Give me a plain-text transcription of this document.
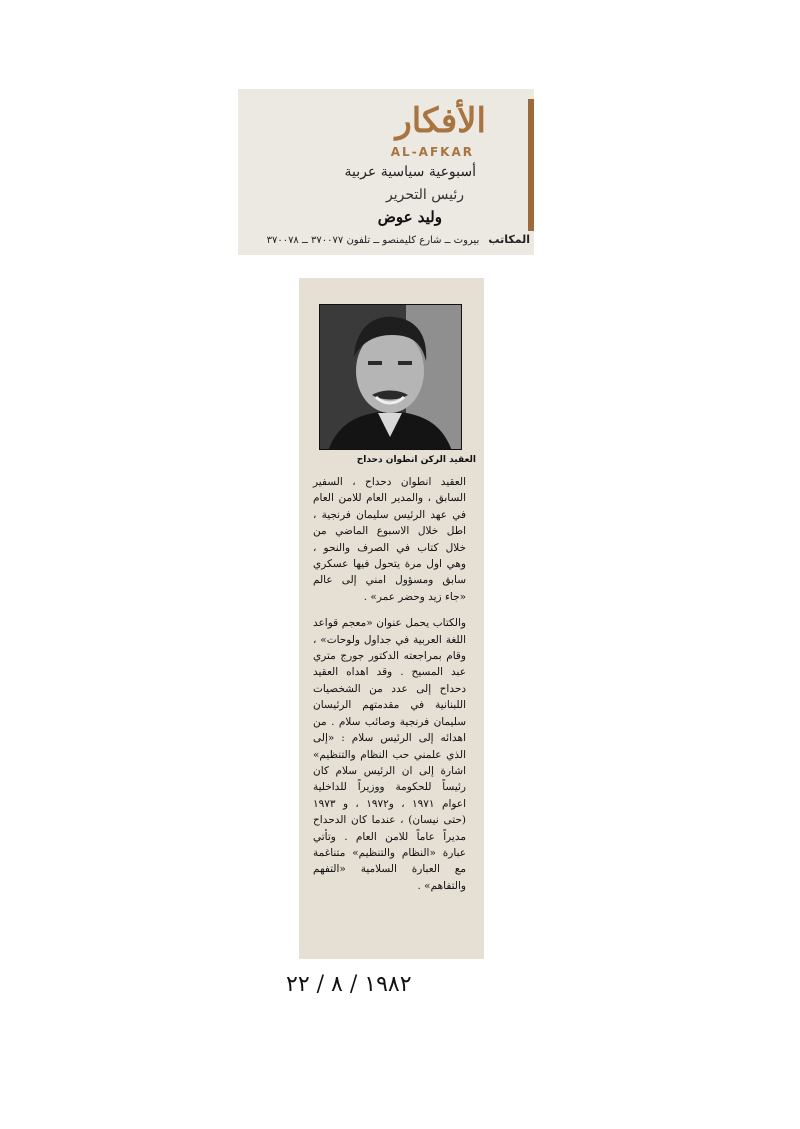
الأفكار
AL-AFKAR
أسبوعية سياسية عربية
رئيس التحرير
وليد عوض
المكاتب بيروت ــ شارع كليمنصو ــ تلفون ٣٧٠٠٧٧ ــ ٣٧٠٠٧٨
العقيد الركن انطوان دحداح

العقيد انطوان دحداح ، السفير السابق ، والمدير العام للامن العام في عهد الرئيس سليمان فرنجية ، اطل خلال الاسبوع الماضي من خلال كتاب في الصرف والنحو ، وهي اول مرة يتحول فيها عسكري سابق ومسؤول امني إلى عالم «جاء زيد وحضر عمر» .

والكتاب يحمل عنوان «معجم قواعد اللغة العربية في جداول ولوحات» ، وقام بمراجعته الدكتور جورج متري عبد المسيح . وقد اهداه العقيد دحداح إلى عدد من الشخصيات اللبنانية في مقدمتهم الرئيسان سليمان فرنجية وصائب سلام . من اهدائه إلى الرئيس سلام : «إلى الذي علمني حب النظام والتنظيم» اشارة إلى ان الرئيس سلام كان رئيساً للحكومة ووزيراً للداخلية اعوام ١٩٧١ ، و١٩٧٢ ، و ١٩٧٣ (حتى نيسان) ، عندما كان الدحداح مديراً عاماً للامن العام . وتأتي عبارة «النظام والتنظيم» متناغمة مع العبارة السلامية «التفهم والتفاهم» .

١٩٨٢ / ٨ / ٢٢
